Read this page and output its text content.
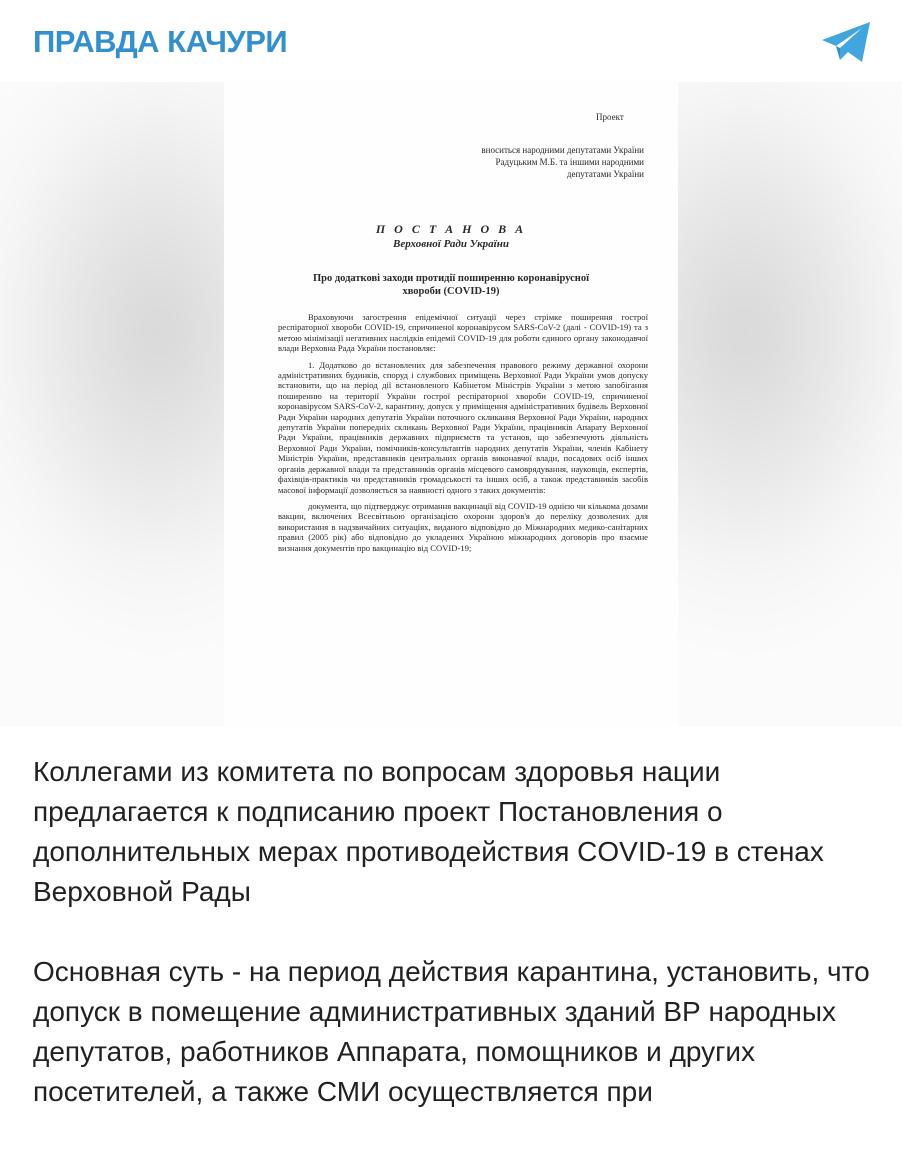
ПРАВДА КАЧУРИ
Проект
вноситься народними депутатами України Радуцьким М.Б. та іншими народними депутатами України
П О С Т А Н О В А
Верховної Ради України
Про додаткові заходи протидії поширенню коронавірусної хвороби (COVID-19)

Враховуючи загострення епідемічної ситуації через стрімке поширення гострої респіраторної хвороби COVID-19, спричиненої коронавірусом SARS-CoV-2 (далі - COVID-19) та з метою мінімізації негативних наслідків епідемії COVID-19 для роботи єдиного органу законодавчої влади Верховна Рада України постановляє:

1. Додатково до встановлених для забезпечення правового режиму державної охорони адміністративних будинків, споруд і службових приміщень Верховної Ради України умов допуску встановити, що на період дії встановленого Кабінетом Міністрів України з метою запобігання поширенню на території України гострої респіраторної хвороби COVID-19, спричиненої коронавірусом SARS-CoV-2, карантину, допуск у приміщення адміністративних будівель Верховної Ради України народних депутатів України поточного скликання Верховної Ради України, народних депутатів України попередніх скликань Верховної Ради України, працівників Апарату Верховної Ради України, працівників державних підприємств та установ, що забезпечують діяльність Верховної Ради України, помічників-консультантів народних депутатів України, членів Кабінету Міністрів України, представників центральних органів виконавчої влади, посадових осіб інших органів державної влади та представників органів місцевого самоврядування, науковців, експертів, фахівців-практиків чи представників громадськості та інших осіб, а також представників засобів масової інформації дозволяється за наявності одного з таких документів:

документа, що підтверджує отримання вакцинації від COVID-19 однією чи кількома дозами вакцин, включених Всесвітньою організацією охорони здоров'я до переліку дозволених для використання в надзвичайних ситуаціях, виданого відповідно до Міжнародних медико-санітарних правил (2005 рік) або відповідно до укладених Україною міжнародних договорів про взаємне визнання документів про вакцинацію від COVID-19;

Коллегами из комитета по вопросам здоровья нации предлагается к подписанию проект Постановления о дополнительных мерах противодействия COVID-19 в стенах Верховной Рады

Основная суть - на период действия карантина, установить, что допуск в помещение административных зданий ВР народных депутатов, работников Аппарата, помощников и других посетителей, а также СМИ осуществляется при
